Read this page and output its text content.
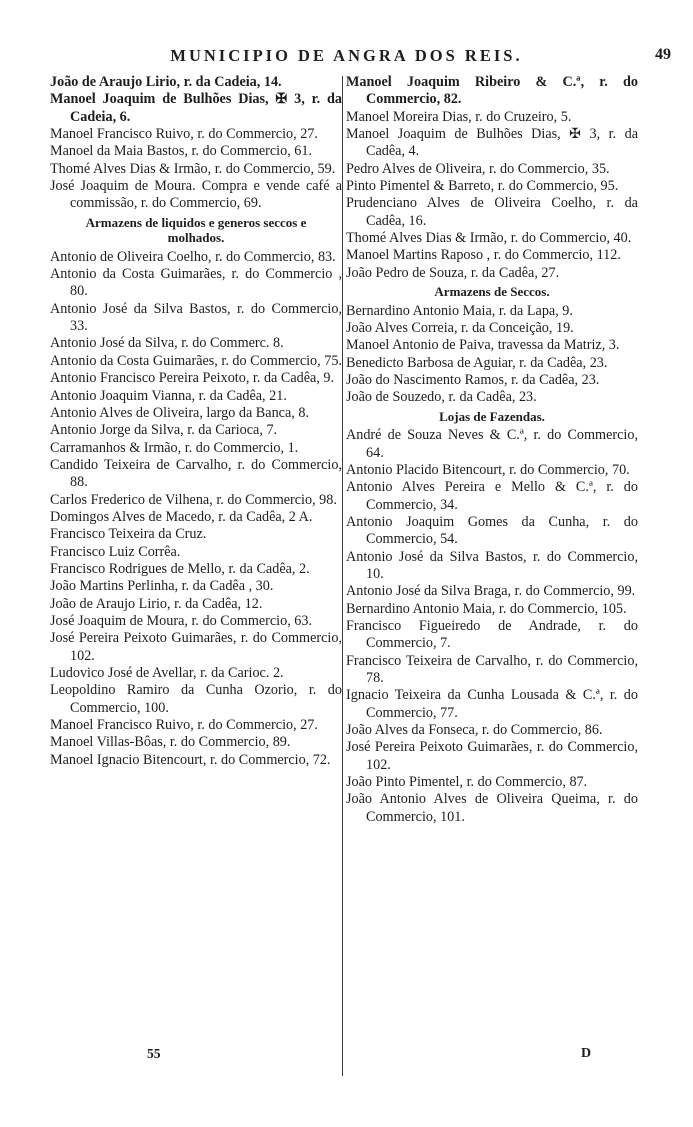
MUNICIPIO DE ANGRA DOS REIS.	49
João de Araujo Lirio, r. da Cadeia, 14.
Manoel Joaquim de Bulhões Dias, ✠ 3, r. da Cadeia, 6.
Manoel Francisco Ruivo, r. do Commercio, 27.
Manoel da Maia Bastos, r. do Commercio, 61.
Thomé Alves Dias & Irmão, r. do Commercio, 59.
José Joaquim de Moura. Compra e vende café a commissão, r. do Commercio, 69.
Armazens de liquidos e generos seccos e molhados.
Antonio de Oliveira Coelho, r. do Commercio, 83.
Antonio da Costa Guimarães, r. do Commercio , 80.
Antonio José da Silva Bastos, r. do Commercio, 33.
Antonio José da Silva, r. do Commerc. 8.
Antonio da Costa Guimarães, r. do Commercio, 75.
Antonio Francisco Pereira Peixoto, r. da Cadêa, 9.
Antonio Joaquim Vianna, r. da Cadêa, 21.
Antonio Alves de Oliveira, largo da Banca, 8.
Antonio Jorge da Silva, r. da Carioca, 7.
Carramanhos & Irmão, r. do Commercio, 1.
Candido Teixeira de Carvalho, r. do Commercio, 88.
Carlos Frederico de Vilhena, r. do Commercio, 98.
Domingos Alves de Macedo, r. da Cadêa, 2 A.
Francisco Teixeira da Cruz.
Francisco Luiz Corrêa.
Francisco Rodrigues de Mello, r. da Cadêa, 2.
João Martins Perlinha, r. da Cadêa , 30.
João de Araujo Lirio, r. da Cadêa, 12.
José Joaquim de Moura, r. do Commercio, 63.
José Pereira Peixoto Guimarães, r. do Commercio, 102.
Ludovico José de Avellar, r. da Carioc. 2.
Leopoldino Ramiro da Cunha Ozorio, r. do Commercio, 100.
Manoel Francisco Ruivo, r. do Commercio, 27.
Manoel Villas-Bôas, r. do Commercio, 89.
Manoel Ignacio Bitencourt, r. do Commercio, 72.
Manoel Joaquim Ribeiro & C.ª, r. do Commercio, 82.
Manoel Moreira Dias, r. do Cruzeiro, 5.
Manoel Joaquim de Bulhões Dias, ✠ 3, r. da Cadêa, 4.
Pedro Alves de Oliveira, r. do Commercio, 35.
Pinto Pimentel & Barreto, r. do Commercio, 95.
Prudenciano Alves de Oliveira Coelho, r. da Cadêa, 16.
Thomé Alves Dias & Irmão, r. do Commercio, 40.
Manoel Martins Raposo , r. do Commercio, 112.
João Pedro de Souza, r. da Cadêa, 27.
Armazens de Seccos.
Bernardino Antonio Maia, r. da Lapa, 9.
João Alves Correia, r. da Conceição, 19.
Manoel Antonio de Paiva, travessa da Matriz, 3.
Benedicto Barbosa de Aguiar, r. da Cadêa, 23.
João do Nascimento Ramos, r. da Cadêa, 23.
João de Souzedo, r. da Cadêa, 23.
Lojas de Fazendas.
André de Souza Neves & C.ª, r. do Commercio, 64.
Antonio Placido Bitencourt, r. do Commercio, 70.
Antonio Alves Pereira e Mello & C.ª, r. do Commercio, 34.
Antonio Joaquim Gomes da Cunha, r. do Commercio, 54.
Antonio José da Silva Bastos, r. do Commercio, 10.
Antonio José da Silva Braga, r. do Commercio, 99.
Bernardino Antonio Maia, r. do Commercio, 105.
Francisco Figueiredo de Andrade, r. do Commercio, 7.
Francisco Teixeira de Carvalho, r. do Commercio, 78.
Ignacio Teixeira da Cunha Lousada & C.ª, r. do Commercio, 77.
João Alves da Fonseca, r. do Commercio, 86.
José Pereira Peixoto Guimarães, r. do Commercio, 102.
João Pinto Pimentel, r. do Commercio, 87.
João Antonio Alves de Oliveira Queima, r. do Commercio, 101.
55	D
